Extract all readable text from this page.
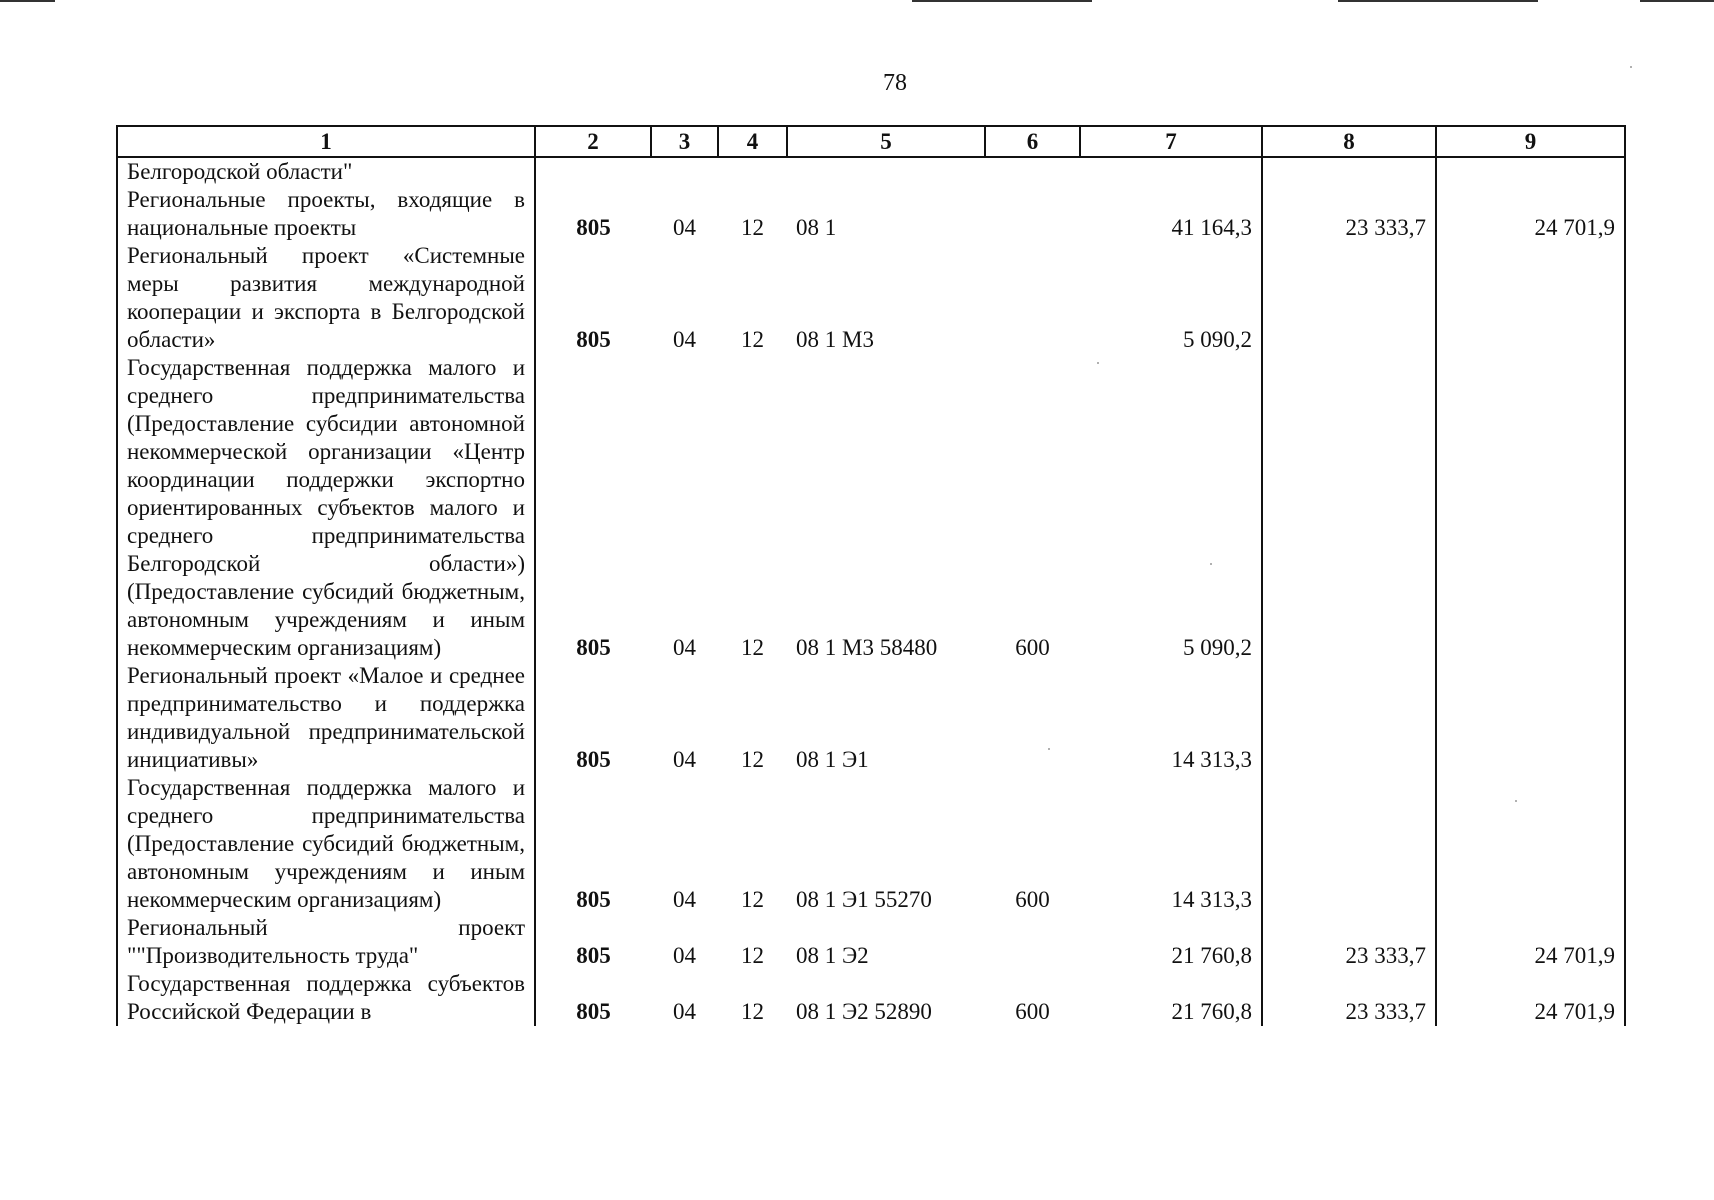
78
1	2	3	4	5	6	7	8	9
Белгородской области"								
Региональные проекты, входящие в национальные проекты	805	04	12	08 1		41 164,3	23 333,7	24 701,9
Региональный проект «Системные меры развития международной кооперации и экспорта в Белгородской области»	805	04	12	08 1 М3		5 090,2		
Государственная поддержка малого и среднего предпринимательства (Предоставление субсидии автономной некоммерческой организации «Центр координации поддержки экспортно ориентированных субъектов малого и среднего предпринимательства Белгородской области») (Предоставление субсидий бюджетным, автономным учреждениям и иным некоммерческим организациям)	805	04	12	08 1 М3 58480	600	5 090,2		
Региональный проект «Малое и среднее предпринимательство и поддержка индивидуальной предпринимательской инициативы»	805	04	12	08 1 Э1		14 313,3		
Государственная поддержка малого и среднего предпринимательства (Предоставление субсидий бюджетным, автономным учреждениям и иным некоммерческим организациям)	805	04	12	08 1 Э1 55270	600	14 313,3		
Региональный проект ""Производительность труда"	805	04	12	08 1 Э2		21 760,8	23 333,7	24 701,9
Государственная поддержка субъектов Российской Федерации в	805	04	12	08 1 Э2 52890	600	21 760,8	23 333,7	24 701,9
